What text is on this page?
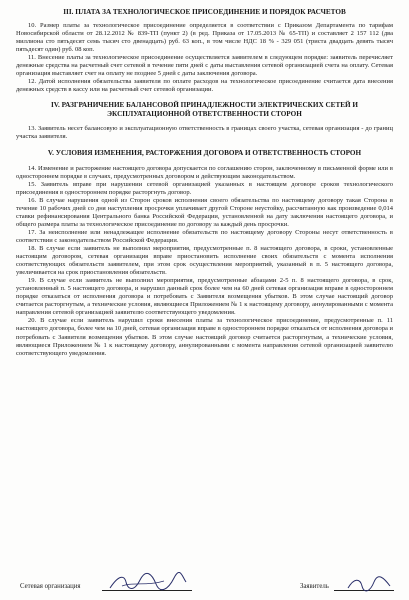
III. ПЛАТА ЗА ТЕХНОЛОГИЧЕСКОЕ ПРИСОЕДИНЕНИЕ И ПОРЯДОК РАСЧЕТОВ

10. Размер платы за технологическое присоединение определяется в соответствии с Приказом Департамента по тарифам Новосибирской области от 28.12.2012 № 839-ТП (пункт 2) (в ред. Приказа от 17.05.2013 № 65-ТП) и составляет 2 157 112 (два миллиона сто пятьдесят семь тысяч сто двенадцать) руб. 63 коп., в том числе НДС 18 % - 329 051 (триста двадцать девять тысяч пятьдесят один) руб. 08 коп.

11. Внесение платы за технологическое присоединение осуществляется заявителем в следующем порядке: заявитель перечисляет денежные средства на расчетный счет сетевой в течение пяти дней с даты выставления сетевой организацией счета на оплату. Сетевая организация выставляет счет на оплату не позднее 5 дней с даты заключения договора.

12. Датой исполнения обязательства заявителя по оплате расходов на технологическое присоединение считается дата внесения денежных средств в кассу или на расчетный счет сетевой организации.

IV. РАЗГРАНИЧЕНИЕ БАЛАНСОВОЙ ПРИНАДЛЕЖНОСТИ ЭЛЕКТРИЧЕСКИХ СЕТЕЙ И ЭКСПЛУАТАЦИОННОЙ ОТВЕТСТВЕННОСТИ СТОРОН

13. Заявитель несет балансовую и эксплуатационную ответственность в границах своего участка, сетевая организация - до границ участка заявителя.

V. УСЛОВИЯ ИЗМЕНЕНИЯ, РАСТОРЖЕНИЯ ДОГОВОРА И ОТВЕТСТВЕННОСТЬ СТОРОН

14. Изменение и расторжение настоящего договора допускается по соглашению сторон, заключенному в письменной форме или в одностороннем порядке в случаях, предусмотренных договором и действующим законодательством.

15. Заявитель вправе при нарушении сетевой организацией указанных в настоящем договоре сроков технологического присоединения в одностороннем порядке расторгнуть договор.

16. В случае нарушения одной из Сторон сроков исполнения своего обязательства по настоящему договору такая Сторона в течение 10 рабочих дней со дня наступления просрочки уплачивает другой Стороне неустойку, рассчитанную как произведение 0,014 ставки рефинансирования Центрального банка Российской Федерации, установленной на дату заключения настоящего договора, и общего размера платы за технологическое присоединение по договору за каждый день просрочки.

17. За неисполнение или ненадлежащее исполнение обязательств по настоящему договору Стороны несут ответственность в соответствии с законодательством Российской Федерации.

18. В случае если заявитель не выполнил мероприятия, предусмотренные п. 8 настоящего договора, в сроки, установленные настоящим договором, сетевая организация вправе приостановить исполнение своих обязательств с момента исполнения соответствующих обязательств заявителем, при этом срок осуществления мероприятий, указанный в п. 5 настоящего договора, увеличивается на срок приостановления обязательств.

19. В случае если заявитель не выполнил мероприятия, предусмотренные абзацами 2-5 п. 8 настоящего договора, в срок, установленный п. 5 настоящего договора, и нарушил данный срок более чем на 60 дней сетевая организация вправе в одностороннем порядке отказаться от исполнения договора и потребовать с Заявителя возмещения убытков. В этом случае настоящий договор считается расторгнутым, а технические условия, являющиеся Приложением № 1 к настоящему договору, аннулированными с момента направления сетевой организацией заявителю соответствующего уведомления.

20. В случае если заявитель нарушил сроки внесения платы за технологическое присоединение, предусмотренные п. 11 настоящего договора, более чем на 10 дней, сетевая организация вправе в одностороннем порядке отказаться от исполнения договора и потребовать с Заявителя возмещения убытков. В этом случае настоящий договор считается расторгнутым, а технические условия, являющиеся Приложением № 1 к настоящему договору, аннулированными с момента направления сетевой организацией заявителю соответствующего уведомления.

Сетевая организация	Заявитель
